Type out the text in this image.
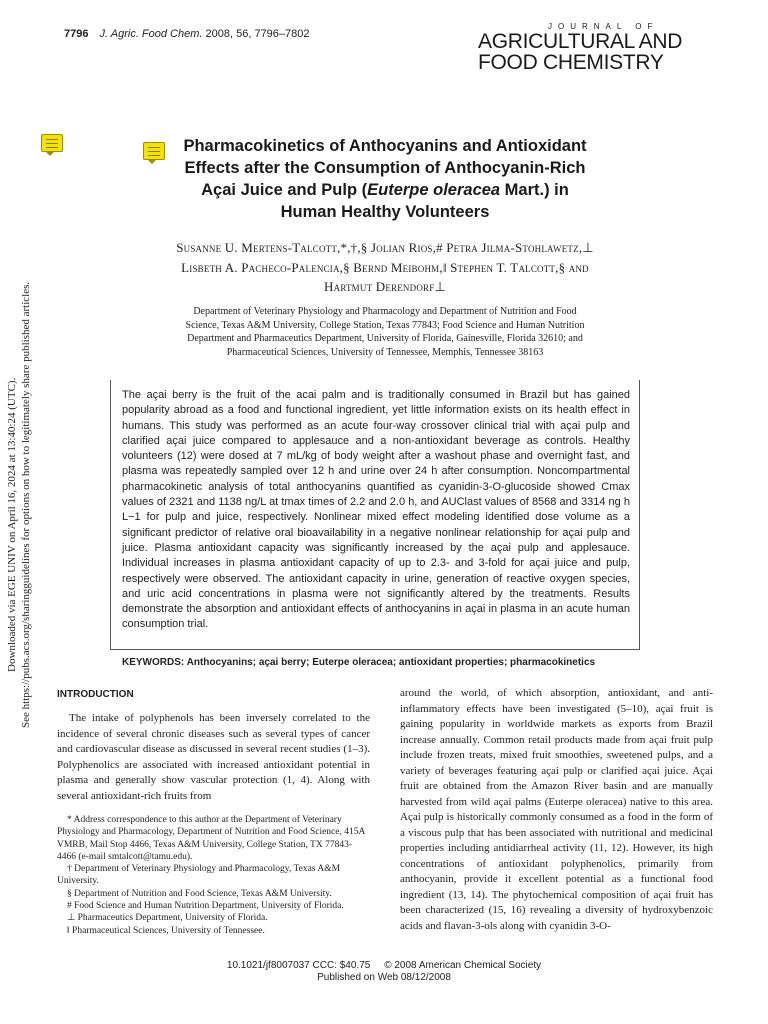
7796 J. Agric. Food Chem. 2008, 56, 7796–7802
JOURNAL OF
AGRICULTURAL AND
FOOD CHEMISTRY
Downloaded via EGE UNIV on April 16, 2024 at 13:40:24 (UTC). See https://pubs.acs.org/sharingguidelines for options on how to legitimately share published articles.

Pharmacokinetics of Anthocyanins and Antioxidant

Effects after the Consumption of Anthocyanin-Rich

Açai Juice and Pulp (Euterpe oleracea Mart.) in

Human Healthy Volunteers

Susanne U. Mertens-Talcott,*,†,§ Jolian Rios,# Petra Jilma-Stohlawetz,⊥

Lisbeth A. Pacheco-Palencia,§ Bernd Meibohm,ǁ Stephen T. Talcott,§ and

Hartmut Derendorf⊥

Department of Veterinary Physiology and Pharmacology and Department of Nutrition and Food

Science, Texas A&M University, College Station, Texas 77843; Food Science and Human Nutrition

Department and Pharmaceutics Department, University of Florida, Gainesville, Florida 32610; and

Pharmaceutical Sciences, University of Tennessee, Memphis, Tennessee 38163

The açai berry is the fruit of the acai palm and is traditionally consumed in Brazil but has gained popularity abroad as a food and functional ingredient, yet little information exists on its health effect in humans. This study was performed as an acute four-way crossover clinical trial with açai pulp and clarified açai juice compared to applesauce and a non-antioxidant beverage as controls. Healthy volunteers (12) were dosed at 7 mL/kg of body weight after a washout phase and overnight fast, and plasma was repeatedly sampled over 12 h and urine over 24 h after consumption. Noncompartmental pharmacokinetic analysis of total anthocyanins quantified as cyanidin-3-O-glucoside showed Cmax values of 2321 and 1138 ng/L at tmax times of 2.2 and 2.0 h, and AUClast values of 8568 and 3314 ng h L−1 for pulp and juice, respectively. Nonlinear mixed effect modeling identified dose volume as a significant predictor of relative oral bioavailability in a negative nonlinear relationship for açai pulp and juice. Plasma antioxidant capacity was significantly increased by the açai pulp and applesauce. Individual increases in plasma antioxidant capacity of up to 2.3- and 3-fold for açai juice and pulp, respectively were observed. The antioxidant capacity in urine, generation of reactive oxygen species, and uric acid concentrations in plasma were not significantly altered by the treatments. Results demonstrate the absorption and antioxidant effects of anthocyanins in açai in plasma in an acute human consumption trial.
KEYWORDS: Anthocyanins; açai berry; Euterpe oleracea; antioxidant properties; pharmacokinetics
INTRODUCTION

The intake of polyphenols has been inversely correlated to the incidence of several chronic diseases such as several types of cancer and cardiovascular disease as discussed in several recent studies (1–3). Polyphenolics are associated with increased antioxidant potential in plasma and generally show vascular protection (1, 4). Along with several antioxidant-rich fruits from

* Address correspondence to this author at the Department of Veterinary Physiology and Pharmacology, Department of Nutrition and Food Science, 415A VMRB, Mail Stop 4466, Texas A&M University, College Station, TX 77843-4466 (e-mail smtalcott@tamu.edu).

† Department of Veterinary Physiology and Pharmacology, Texas A&M University.

§ Department of Nutrition and Food Science, Texas A&M University.

# Food Science and Human Nutrition Department, University of Florida.

⊥ Pharmaceutics Department, University of Florida.

ǁ Pharmaceutical Sciences, University of Tennessee.

around the world, of which absorption, antioxidant, and anti-inflammatory effects have been investigated (5–10), açai fruit is gaining popularity in worldwide markets as exports from Brazil increase annually. Common retail products made from açai fruit pulp include frozen treats, mixed fruit smoothies, sweetened pulps, and a variety of beverages featuring açai pulp or clarified açai juice. Açai fruit are obtained from the Amazon River basin and are manually harvested from wild açai palms (Euterpe oleracea) native to this area. Açai pulp is historically commonly consumed as a food in the form of a viscous pulp that has been associated with nutritional and medicinal properties including antidiarrheal activity (11, 12). However, its high concentrations of antioxidant polyphenolics, primarily from anthocyanin, provide it excellent potential as a functional food ingredient (13, 14). The phytochemical composition of açai fruit has been characterized (15, 16) revealing a diversity of hydroxybenzoic acids and flavan-3-ols along with cyanidin 3-O-

10.1021/jf8007037 CCC: $40.75     © 2008 American Chemical Society

Published on Web 08/12/2008
